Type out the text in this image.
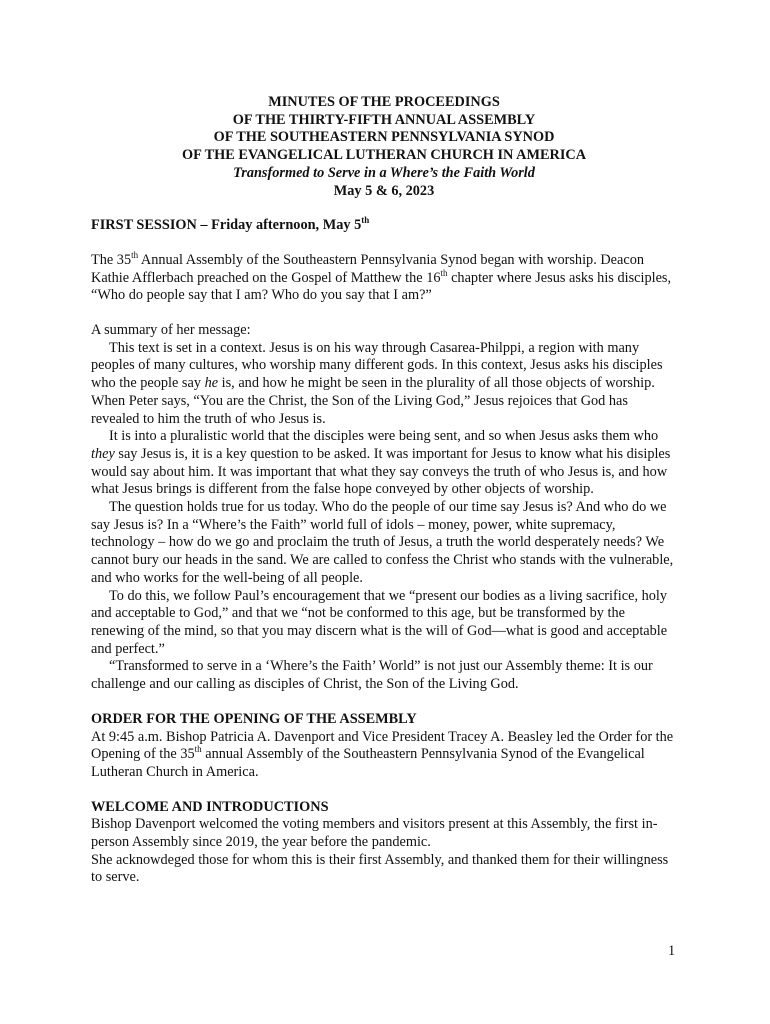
MINUTES OF THE PROCEEDINGS
OF THE THIRTY-FIFTH ANNUAL ASSEMBLY
OF THE SOUTHEASTERN PENNSYLVANIA SYNOD
OF THE EVANGELICAL LUTHERAN CHURCH IN AMERICA
Transformed to Serve in a Where’s the Faith World
May 5 & 6, 2023
FIRST SESSION – Friday afternoon, May 5th

The 35th Annual Assembly of the Southeastern Pennsylvania Synod began with worship. Deacon Kathie Afflerbach preached on the Gospel of Matthew the 16th chapter where Jesus asks his disciples, “Who do people say that I am? Who do you say that I am?”

A summary of her message:

This text is set in a context. Jesus is on his way through Casarea-Philppi, a region with many peoples of many cultures, who worship many different gods. In this context, Jesus asks his disciples who the people say he is, and how he might be seen in the plurality of all those objects of worship. When Peter says, “You are the Christ, the Son of the Living God,” Jesus rejoices that God has revealed to him the truth of who Jesus is.

It is into a pluralistic world that the disciples were being sent, and so when Jesus asks them who they say Jesus is, it is a key question to be asked. It was important for Jesus to know what his disiples would say about him. It was important that what they say conveys the truth of who Jesus is, and how what Jesus brings is different from the false hope conveyed by other objects of worship.

The question holds true for us today. Who do the people of our time say Jesus is? And who do we say Jesus is? In a “Where’s the Faith” world full of idols – money, power, white supremacy, technology – how do we go and proclaim the truth of Jesus, a truth the world desperately needs? We cannot bury our heads in the sand. We are called to confess the Christ who stands with the vulnerable, and who works for the well-being of all people.

To do this, we follow Paul’s encouragement that we “present our bodies as a living sacrifice, holy and acceptable to God,” and that we “not be conformed to this age, but be transformed by the renewing of the mind, so that you may discern what is the will of God—what is good and acceptable and perfect.”

“Transformed to serve in a ‘Where’s the Faith’ World” is not just our Assembly theme: It is our challenge and our calling as disciples of Christ, the Son of the Living God.

ORDER FOR THE OPENING OF THE ASSEMBLY

At 9:45 a.m. Bishop Patricia A. Davenport and Vice President Tracey A. Beasley led the Order for the Opening of the 35th annual Assembly of the Southeastern Pennsylvania Synod of the Evangelical Lutheran Church in America.

WELCOME AND INTRODUCTIONS

Bishop Davenport welcomed the voting members and visitors present at this Assembly, the first in-person Assembly since 2019, the year before the pandemic.

She acknowdeged those for whom this is their first Assembly, and thanked them for their willingness to serve.

1
